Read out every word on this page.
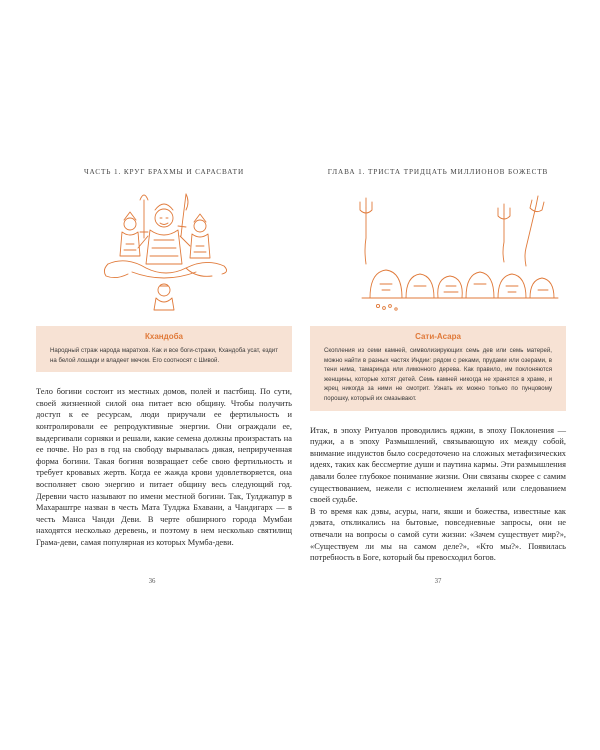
ЧАСТЬ 1. КРУГ БРАХМЫ И САРАСВАТИ
Кхандоба
Народный страж народа маратхов. Как и все боги-стражи, Кхандоба усат, ездит на белой лошади и владеет мечом. Его соотносят с Шивой.

Тело богини состоит из местных домов, полей и пастбищ. По сути, своей жизненной силой она питает всю общину. Чтобы получить доступ к ее ресурсам, люди приручали ее фертильность и контролировали ее репродуктивные энергии. Они ограждали ее, выдергивали сорняки и решали, какие семена должны произрастать на ее почве. Но раз в год на свободу вырывалась дикая, неприрученная форма богини. Такая богиня возвращает себе свою фертильность и требует кровавых жертв. Когда ее жажда крови удовлетворяется, она восполняет свою энергию и питает общину весь следующий год. Деревни часто называют по имени местной богини. Так, Тулджапур в Махараштре назван в честь Мата Тулджа Бхавани, а Чандигарх — в честь Манса Чанди Деви. В черте обширного города Мумбаи находятся несколько деревень, и поэтому в нем несколько святилищ Грама-деви, самая популярная из которых Мумба-деви.

36
ГЛАВА 1. ТРИСТА ТРИДЦАТЬ МИЛЛИОНОВ БОЖЕСТВ
Сати-Асара
Скопления из семи камней, символизирующих семь дев или семь матерей, можно найти в разных частях Индии: рядом с реками, прудами или озерами, в тени нима, тамаринда или лимонного дерева. Как правило, им поклоняются женщины, которые хотят детей. Семь камней никогда не хранятся в храме, и жрец никогда за ними не смотрит. Узнать их можно только по пунцовому порошку, который их смазывают.

Итак, в эпоху Ритуалов проводились яджни, в эпоху Поклонения — пуджи, а в эпоху Размышлений, связывающую их между собой, внимание индуистов было сосредоточено на сложных метафизических идеях, таких как бессмертие души и паутина кармы. Эти размышления давали более глубокое понимание жизни. Они связаны скорее с самим существованием, нежели с исполнением желаний или следованием своей судьбе.

В то время как дэвы, асуры, наги, якши и божества, известные как дэвата, откликались на бытовые, повседневные запросы, они не отвечали на вопросы о самой сути жизни: «Зачем существует мир?», «Существуем ли мы на самом деле?», «Кто мы?». Появилась потребность в Боге, который бы превосходил богов.

37
